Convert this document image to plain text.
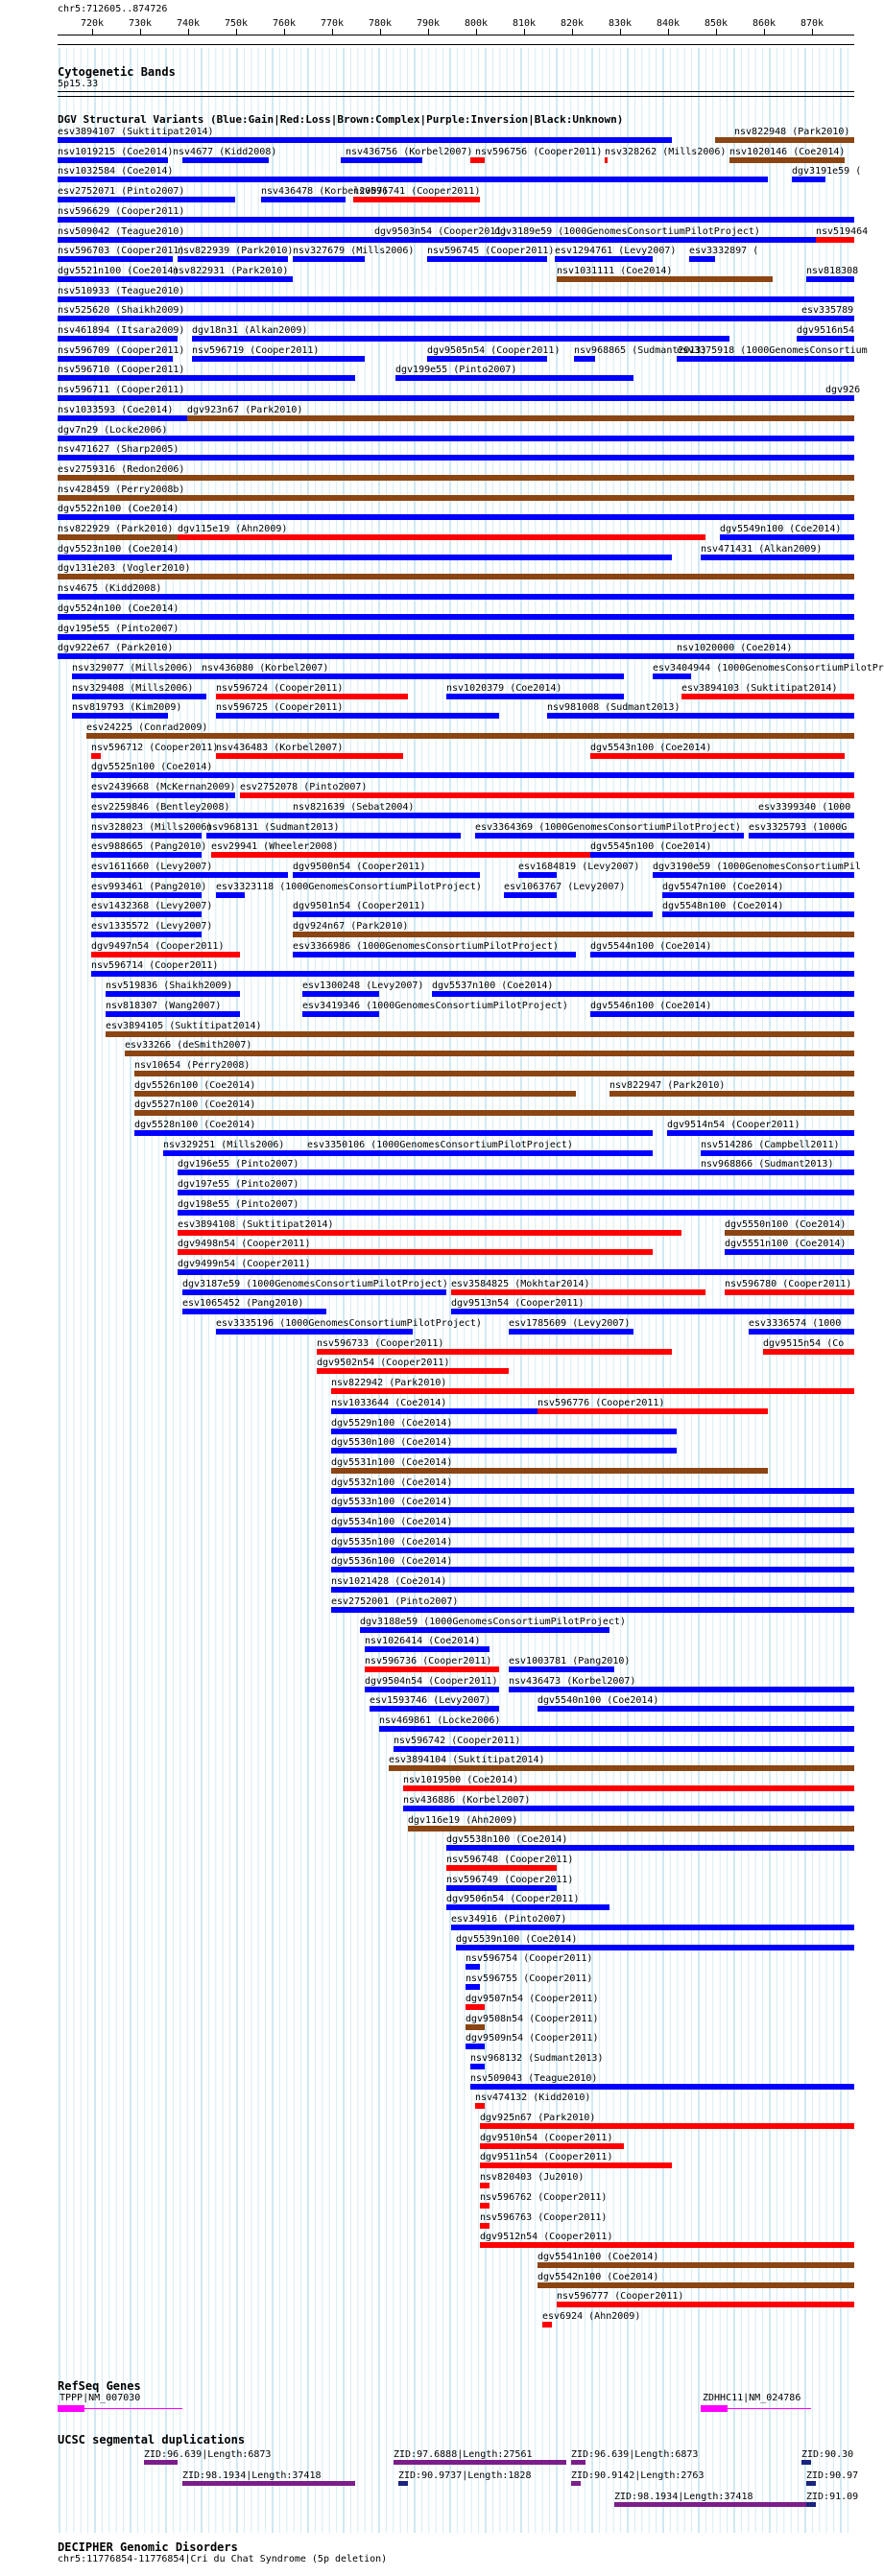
chr5:712605..874726
720k	730k	740k	750k	760k	770k	780k	790k	800k	810k	820k	830k	840k	850k	860k	870k
Cytogenetic Bands
5p15.33
DGV Structural Variants (Blue:Gain|Red:Loss|Brown:Complex|Purple:Inversion|Black:Unknown)
esv3894107 (Suktitipat2014)	nsv822948 (Park2010)
nsv1019215 (Coe2014) nsv4677 (Kidd2008)	nsv436756 (Korbel2007) nsv596756 (Cooper2011) nsv328262 (Mills2006) nsv1020146 (Coe2014)
nsv1032584 (Coe2014)	dgv3191e59 (
esv2752071 (Pinto2007)	nsv436478 (Korbel2007)
nsv596741 (Cooper2011)
nsv596629 (Cooper2011)
nsv509042 (Teague2010)	dgv9503n54 (Cooper2011)
dgv3189e59 (1000GenomesConsortiumPilotProject)	nsv519464
nsv596703 (Cooper2011)
nsv822939 (Park2010) nsv327679 (Mills2006) nsv596745 (Cooper2011) esv1294761 (Levy2007) esv3332897 (
dgv5521n100 (Coe2014)
nsv822931 (Park2010)	nsv1031111 (Coe2014)	nsv818308
nsv510933 (Teague2010)
nsv525620 (Shaikh2009)	esv335789
nsv461894 (Itsara2009) dgv18n31 (Alkan2009)	dgv9516n54
nsv596709 (Cooper2011) nsv596719 (Cooper2011)	dgv9505n54 (Cooper2011) nsv968865 (Sudmant2013)
esv3375918 (1000GenomesConsortium
nsv596710 (Cooper2011)	dgv199e55 (Pinto2007)
nsv596711 (Cooper2011)	dgv926
nsv1033593 (Coe2014) dgv923n67 (Park2010)
dgv7n29 (Locke2006)
nsv471627 (Sharp2005)
esv2759316 (Redon2006)
nsv428459 (Perry2008b)
dgv5522n100 (Coe2014)
nsv822929 (Park2010) dgv115e19 (Ahn2009)	dgv5549n100 (Coe2014)
dgv5523n100 (Coe2014)	nsv471431 (Alkan2009)
dgv131e203 (Vogler2010)
nsv4675 (Kidd2008)
dgv5524n100 (Coe2014)
dgv195e55 (Pinto2007)
dgv922e67 (Park2010)	nsv1020000 (Coe2014)
nsv329077 (Mills2006) nsv436080 (Korbel2007)	esv3404944 (1000GenomesConsortiumPilotPr
nsv329408 (Mills2006) nsv596724 (Cooper2011)	nsv1020379 (Coe2014)	esv3894103 (Suktitipat2014)
nsv819793 (Kim2009)	nsv596725 (Cooper2011)	nsv981008 (Sudmant2013)
esv24225 (Conrad2009)
nsv596712 (Cooper2011)
nsv436483 (Korbel2007)	dgv5543n100 (Coe2014)
dgv5525n100 (Coe2014)
esv2439668 (McKernan2009) esv2752078 (Pinto2007)
esv2259846 (Bentley2008)	nsv821639 (Sebat2004)	esv3399340 (1000
nsv328023 (Mills2006)
nsv968131 (Sudmant2013)	esv3364369 (1000GenomesConsortiumPilotProject) esv3325793 (1000G
esv988665 (Pang2010) esv29941 (Wheeler2008)	dgv5545n100 (Coe2014)
esv1611660 (Levy2007)	dgv9500n54 (Cooper2011)	esv1684819 (Levy2007) dgv3190e59 (1000GenomesConsortiumPil
esv993461 (Pang2010) esv3323118 (1000GenomesConsortiumPilotProject) esv1063767 (Levy2007)	dgv5547n100 (Coe2014)
esv1432368 (Levy2007)	dgv9501n54 (Cooper2011)	dgv5548n100 (Coe2014)
esv1335572 (Levy2007)	dgv924n67 (Park2010)
dgv9497n54 (Cooper2011)	esv3366986 (1000GenomesConsortiumPilotProject)	dgv5544n100 (Coe2014)
nsv596714 (Cooper2011)
nsv519836 (Shaikh2009)	esv1300248 (Levy2007) dgv5537n100 (Coe2014)
nsv818307 (Wang2007)	esv3419346 (1000GenomesConsortiumPilotProject) dgv5546n100 (Coe2014)
esv3894105 (Suktitipat2014)
esv33266 (deSmith2007)
nsv10654 (Perry2008)
dgv5526n100 (Coe2014)	nsv822947 (Park2010)
dgv5527n100 (Coe2014)
dgv5528n100 (Coe2014)	dgv9514n54 (Cooper2011)
nsv329251 (Mills2006) esv3350106 (1000GenomesConsortiumPilotProject)	nsv514286 (Campbell2011)
dgv196e55 (Pinto2007)	nsv968866 (Sudmant2013)
dgv197e55 (Pinto2007)
dgv198e55 (Pinto2007)
esv3894108 (Suktitipat2014)	dgv5550n100 (Coe2014)
dgv9498n54 (Cooper2011)	dgv5551n100 (Coe2014)
dgv9499n54 (Cooper2011)
dgv3187e59 (1000GenomesConsortiumPilotProject) esv3584825 (Mokhtar2014)	nsv596780 (Cooper2011)
esv1065452 (Pang2010)	dgv9513n54 (Cooper2011)
esv3335196 (1000GenomesConsortiumPilotProject)	esv1785609 (Levy2007)	esv3336574 (1000
nsv596733 (Cooper2011)	dgv9515n54 (Co
dgv9502n54 (Cooper2011)
nsv822942 (Park2010)
nsv1033644 (Coe2014)	nsv596776 (Cooper2011)
dgv5529n100 (Coe2014)
dgv5530n100 (Coe2014)
dgv5531n100 (Coe2014)
dgv5532n100 (Coe2014)
dgv5533n100 (Coe2014)
dgv5534n100 (Coe2014)
dgv5535n100 (Coe2014)
dgv5536n100 (Coe2014)
nsv1021428 (Coe2014)
esv2752001 (Pinto2007)
dgv3188e59 (1000GenomesConsortiumPilotProject)
nsv1026414 (Coe2014)
nsv596736 (Cooper2011) esv1003781 (Pang2010)
dgv9504n54 (Cooper2011) nsv436473 (Korbel2007)
esv1593746 (Levy2007)	dgv5540n100 (Coe2014)
nsv469861 (Locke2006)
nsv596742 (Cooper2011)
esv3894104 (Suktitipat2014)
nsv1019500 (Coe2014)
nsv436886 (Korbel2007)
dgv116e19 (Ahn2009)
dgv5538n100 (Coe2014)
nsv596748 (Cooper2011)
nsv596749 (Cooper2011)
dgv9506n54 (Cooper2011)
esv34916 (Pinto2007)
dgv5539n100 (Coe2014)
nsv596754 (Cooper2011)
nsv596755 (Cooper2011)
dgv9507n54 (Cooper2011)
dgv9508n54 (Cooper2011)
dgv9509n54 (Cooper2011)
nsv968132 (Sudmant2013)
nsv509043 (Teague2010)
nsv474132 (Kidd2010)
dgv925n67 (Park2010)
dgv9510n54 (Cooper2011)
dgv9511n54 (Cooper2011)
nsv820403 (Ju2010)
nsv596762 (Cooper2011)
nsv596763 (Cooper2011)
dgv9512n54 (Cooper2011)
dgv5541n100 (Coe2014)
dgv5542n100 (Coe2014)
nsv596777 (Cooper2011)
esv6924 (Ahn2009)
RefSeq Genes
TPPP|NM_007030	ZDHHC11|NM_024786
UCSC segmental duplications
ZID:96.639|Length:6873
ZID:98.1934|Length:37418
ZID:97.6888|Length:27561
ZID:90.9737|Length:1828
ZID:96.639|Length:6873
ZID:90.9142|Length:2763
ZID:98.1934|Length:37418
ZID:90.30
ZID:90.97
ZID:91.09
DECIPHER Genomic Disorders
chr5:11776854-11776854|Cri du Chat Syndrome (5p deletion)
